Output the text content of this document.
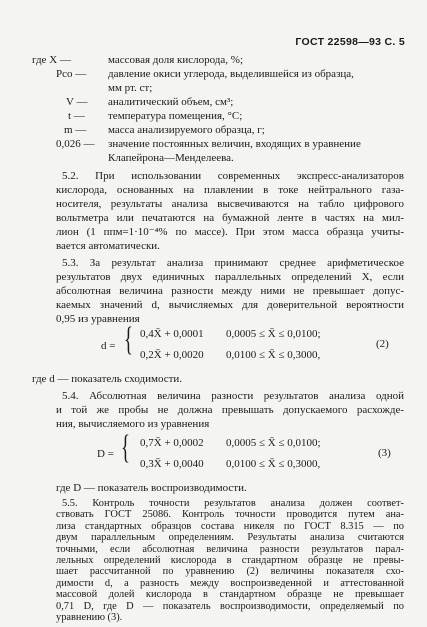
ГОСТ 22598—93 С. 5
где X —	массовая доля кислорода, %;
Pco — давление окиси углерода, выделившейся из образца,
мм рт. ст;
V — аналитический объем, см³;
t — температура помещения, °С;
m — масса анализируемого образца, г;
0,026 — значение постоянных величин, входящих в уравнение
Клапейрона—Менделеева.
5.2. При использовании современных экспресс-анализаторов
кислорода, основанных на плавлении в токе нейтрального газа-
носителя, результаты анализа высвечиваются на табло цифрового
вольтметра или печатаются на бумажной ленте в частях на мил-
лион (1 ппм=1·10⁻⁴% по массе). При этом масса образца учиты-
вается автоматически.
5.3. За результат анализа принимают среднее арифметическое
результатов двух единичных параллельных определений X, если
абсолютная величина разности между ними не превышает допус-
каемых значений d, вычисляемых для доверительной вероятности
0,95 из уравнения
d = { 0,4X̄ + 0,0001 0,0005 ≤ X̄ ≤ 0,0100;
0,2X̄ + 0,0020 0,0100 ≤ X̄ ≤ 0,3000,
(2)
где d — показатель сходимости.
5.4. Абсолютная величина разности результатов анализа одной
и той же пробы не должна превышать допускаемого расхожде-
ния, вычисляемого из уравнения
D = { 0,7X̄ + 0,0002 0,0005 ≤ X̄ ≤ 0,0100;
0,3X̄ + 0,0040 0,0100 ≤ X̄ ≤ 0,3000,
(3)
где D — показатель воспроизводимости.
5.5. Контроль точности результатов анализа должен соответ-
ствовать ГОСТ 25086. Контроль точности проводится путем ана-
лиза стандартных образцов состава никеля по ГОСТ 8.315 — по
двум параллельным определениям. Результаты анализа считаются
точными, если абсолютная величина разности результатов парал-
лельных определений кислорода в стандартном образце не превы-
шает рассчитанной по уравнению (2) величины показателя схо-
димости d, а разность между воспроизведенной и аттестованной
массовой долей кислорода в стандартном образце не превышает
0,71 D, где D — показатель воспроизводимости, определяемый по
уравнению (3).
